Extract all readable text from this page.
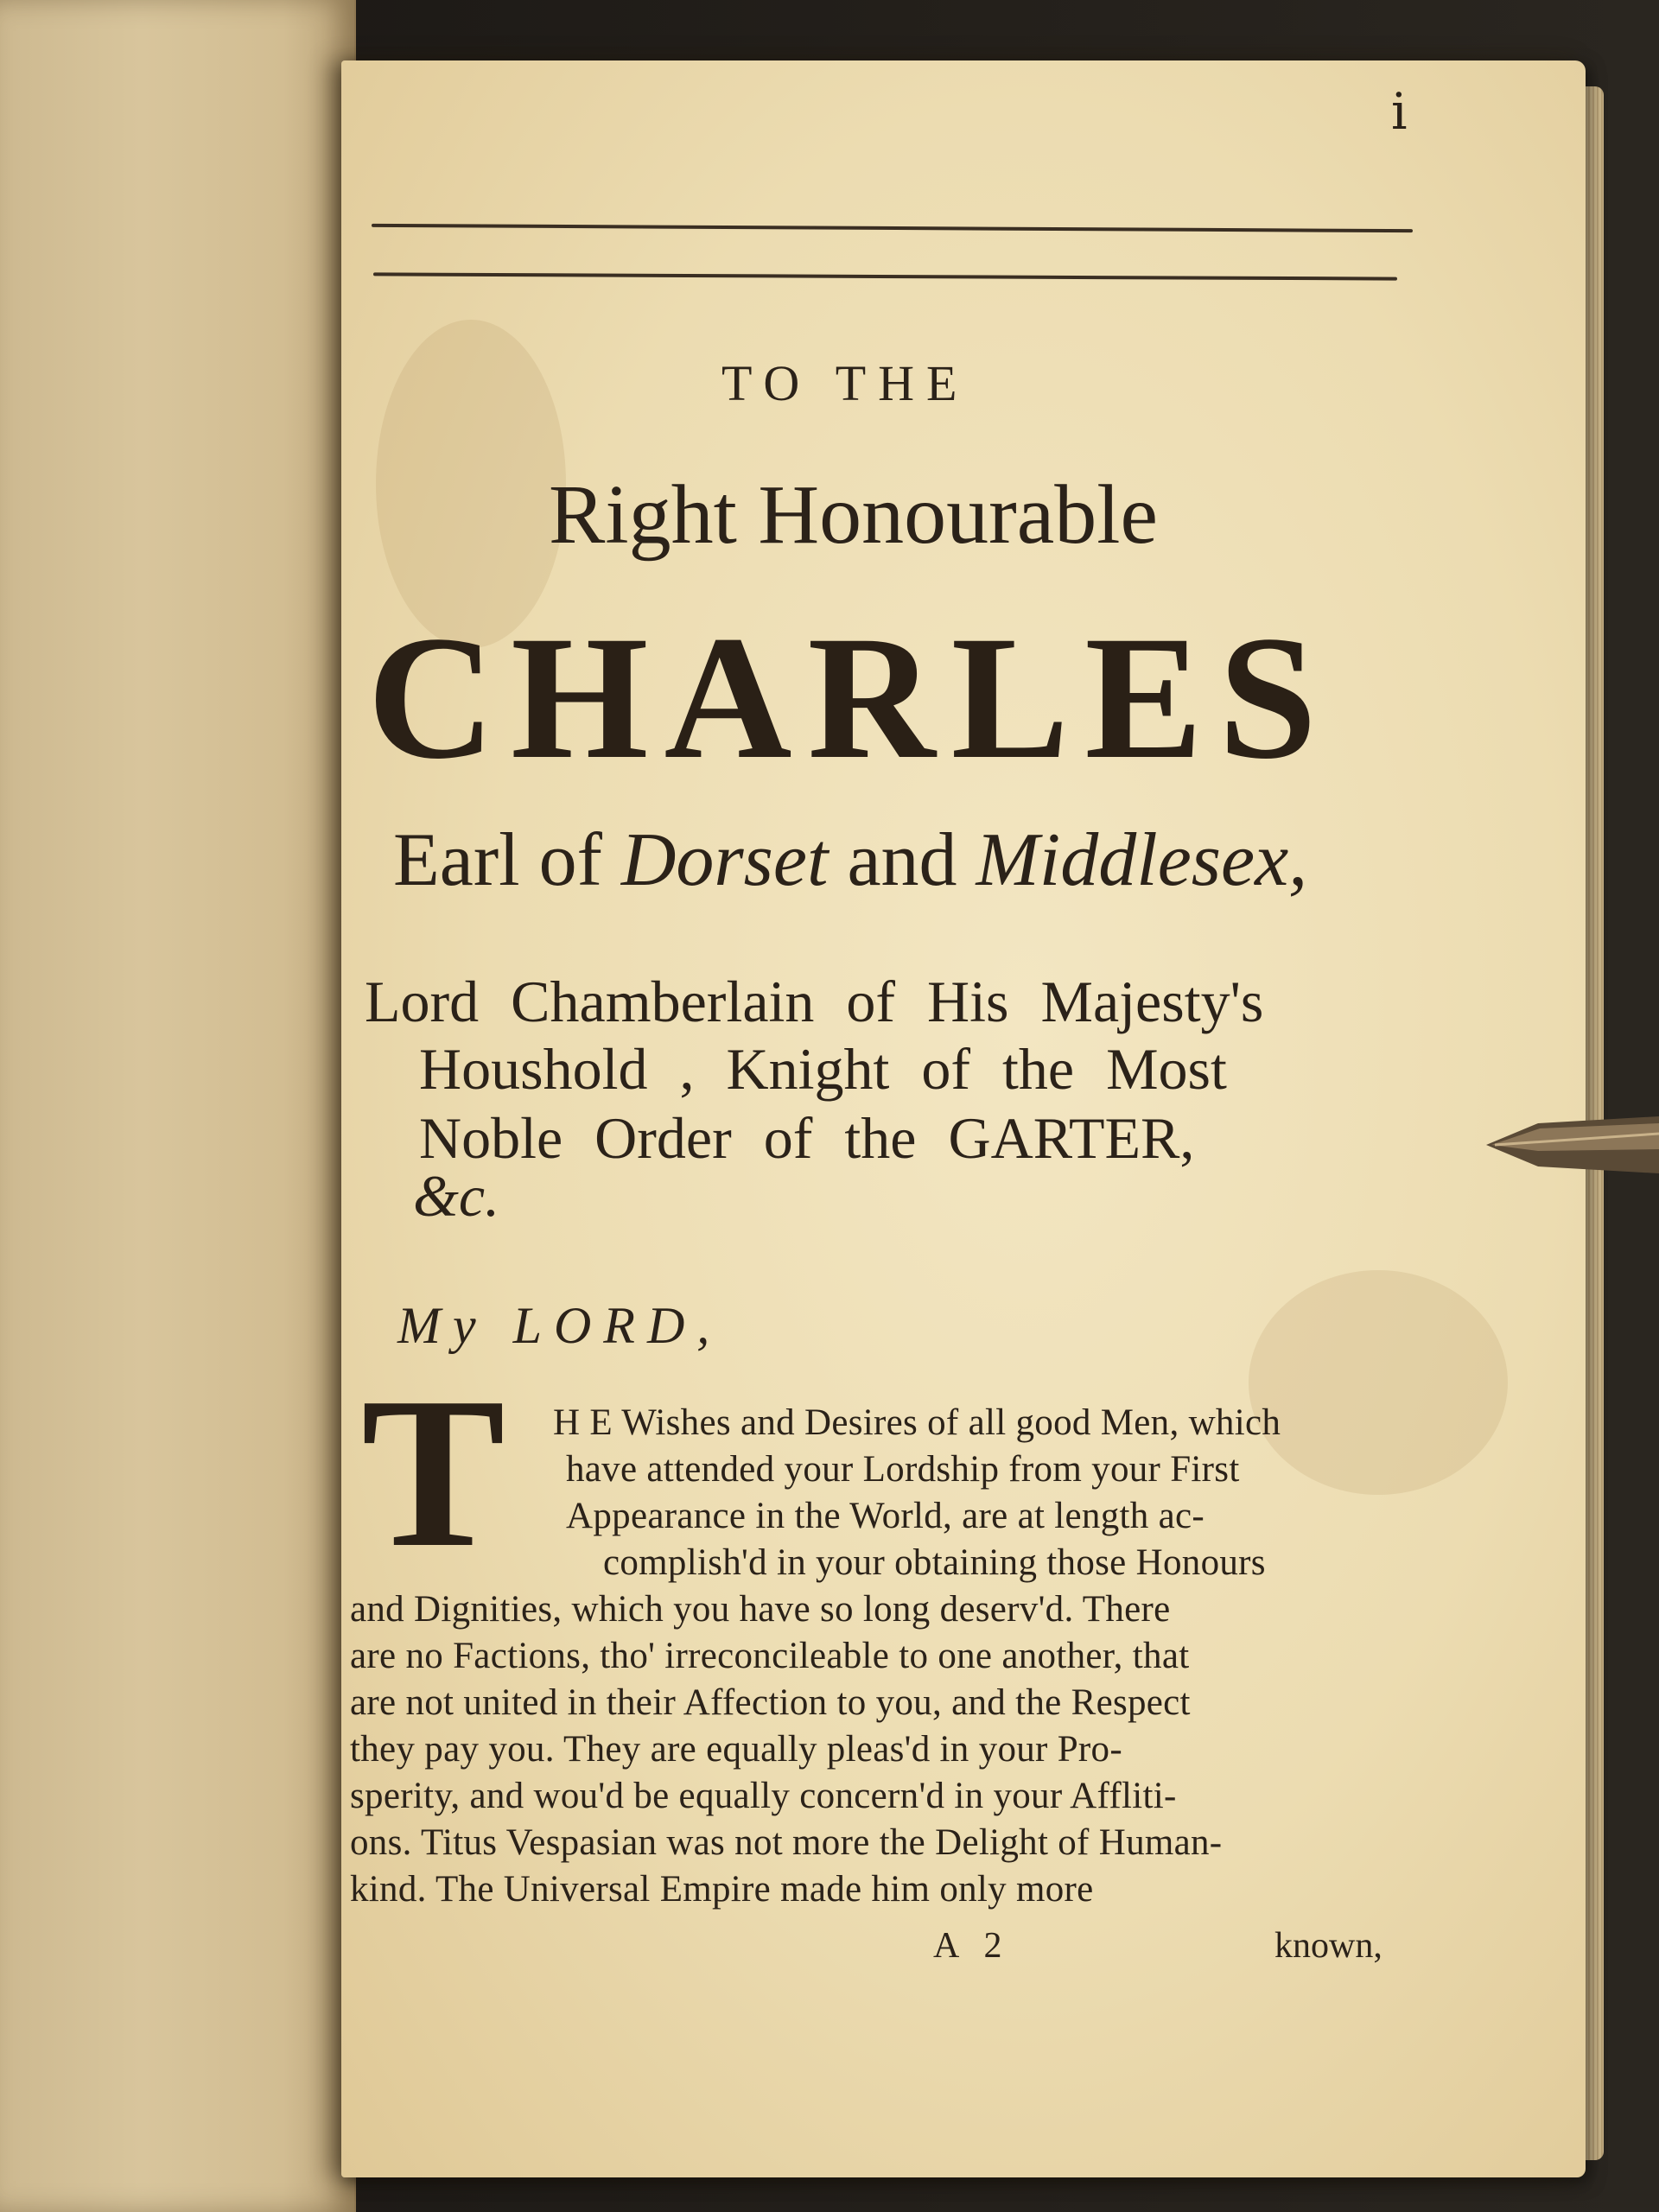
i
TO THE
Right Honourable
CHARLES
Earl of Dorset and Middlesex,
Lord Chamberlain of His Majesty's
Houshold , Knight of the Most
Noble Order of the GARTER,
&c.
My LORD,
T H E Wishes and Desires of all good Men, which
have attended your Lordship from your First
Appearance in the World, are at length ac-
complish'd in your obtaining those Honours
and Dignities, which you have so long deserv'd. There
are no Factions, tho' irreconcileable to one another, that
are not united in their Affection to you, and the Respect
they pay you. They are equally pleas'd in your Pro-
sperity, and wou'd be equally concern'd in your Affliti-
ons. Titus Vespasian was not more the Delight of Human-
kind. The Universal Empire made him only more
A 2	known,
